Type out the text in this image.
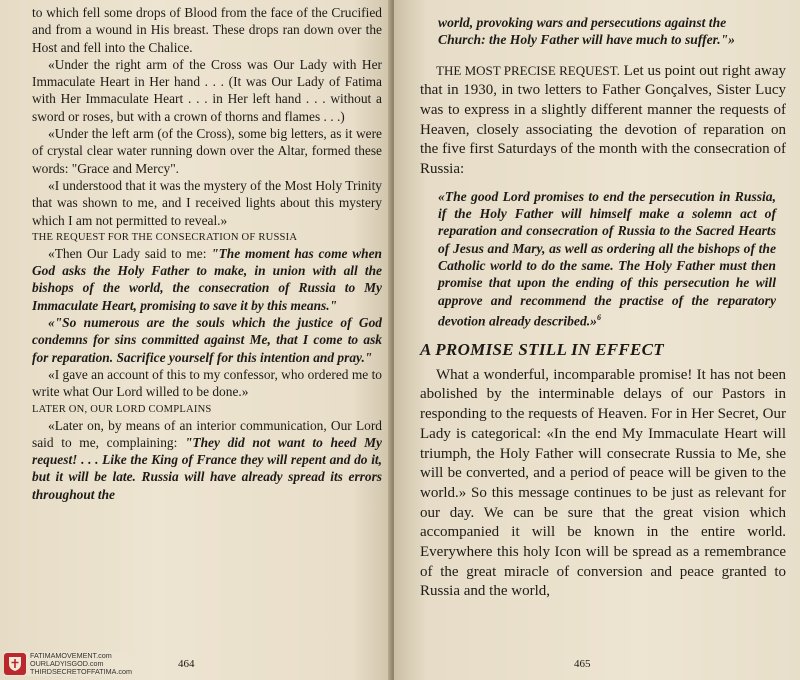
to which fell some drops of Blood from the face of the Crucified and from a wound in His breast. These drops ran down over the Host and fell into the Chalice.

«Under the right arm of the Cross was Our Lady with Her Immaculate Heart in Her hand . . . (It was Our Lady of Fatima with Her Immaculate Heart . . . in Her left hand . . . without a sword or roses, but with a crown of thorns and flames . . .)

«Under the left arm (of the Cross), some big letters, as it were of crystal clear water running down over the Altar, formed these words: "Grace and Mercy".

«I understood that it was the mystery of the Most Holy Trinity that was shown to me, and I received lights about this mystery which I am not permitted to reveal.»

THE REQUEST FOR THE CONSECRATION OF RUSSIA

«Then Our Lady said to me: "The moment has come when God asks the Holy Father to make, in union with all the bishops of the world, the consecration of Russia to My Immaculate Heart, promising to save it by this means."

«"So numerous are the souls which the justice of God condemns for sins committed against Me, that I come to ask for reparation. Sacrifice yourself for this intention and pray."

«I gave an account of this to my confessor, who ordered me to write what Our Lord willed to be done.»

LATER ON, OUR LORD COMPLAINS

«Later on, by means of an interior communication, Our Lord said to me, complaining: "They did not want to heed My request! . . . Like the King of France they will repent and do it, but it will be late. Russia will have already spread its errors throughout the

464
world, provoking wars and persecutions against the Church: the Holy Father will have much to suffer."»

THE MOST PRECISE REQUEST. Let us point out right away that in 1930, in two letters to Father Gonçalves, Sister Lucy was to express in a slightly different manner the requests of Heaven, closely associating the devotion of reparation on the five first Saturdays of the month with the consecration of Russia:

«The good Lord promises to end the persecution in Russia, if the Holy Father will himself make a solemn act of reparation and consecration of Russia to the Sacred Hearts of Jesus and Mary, as well as ordering all the bishops of the Catholic world to do the same. The Holy Father must then promise that upon the ending of this persecution he will approve and recommend the practise of the reparatory devotion already described.»$^6$
A PROMISE STILL IN EFFECT

What a wonderful, incomparable promise! It has not been abolished by the interminable delays of our Pastors in responding to the requests of Heaven. For in Her Secret, Our Lady is categorical: «In the end My Immaculate Heart will triumph, the Holy Father will consecrate Russia to Me, she will be converted, and a period of peace will be given to the world.» So this message continues to be just as relevant for our day. We can be sure that the great vision which accompanied it will be known in the entire world. Everywhere this holy Icon will be spread as a remembrance of the great miracle of conversion and peace granted to Russia and the world,

465
FATIMAMOVEMENT.com
OURLADYISGOD.com
THIRDSECRETOFFATIMA.com
